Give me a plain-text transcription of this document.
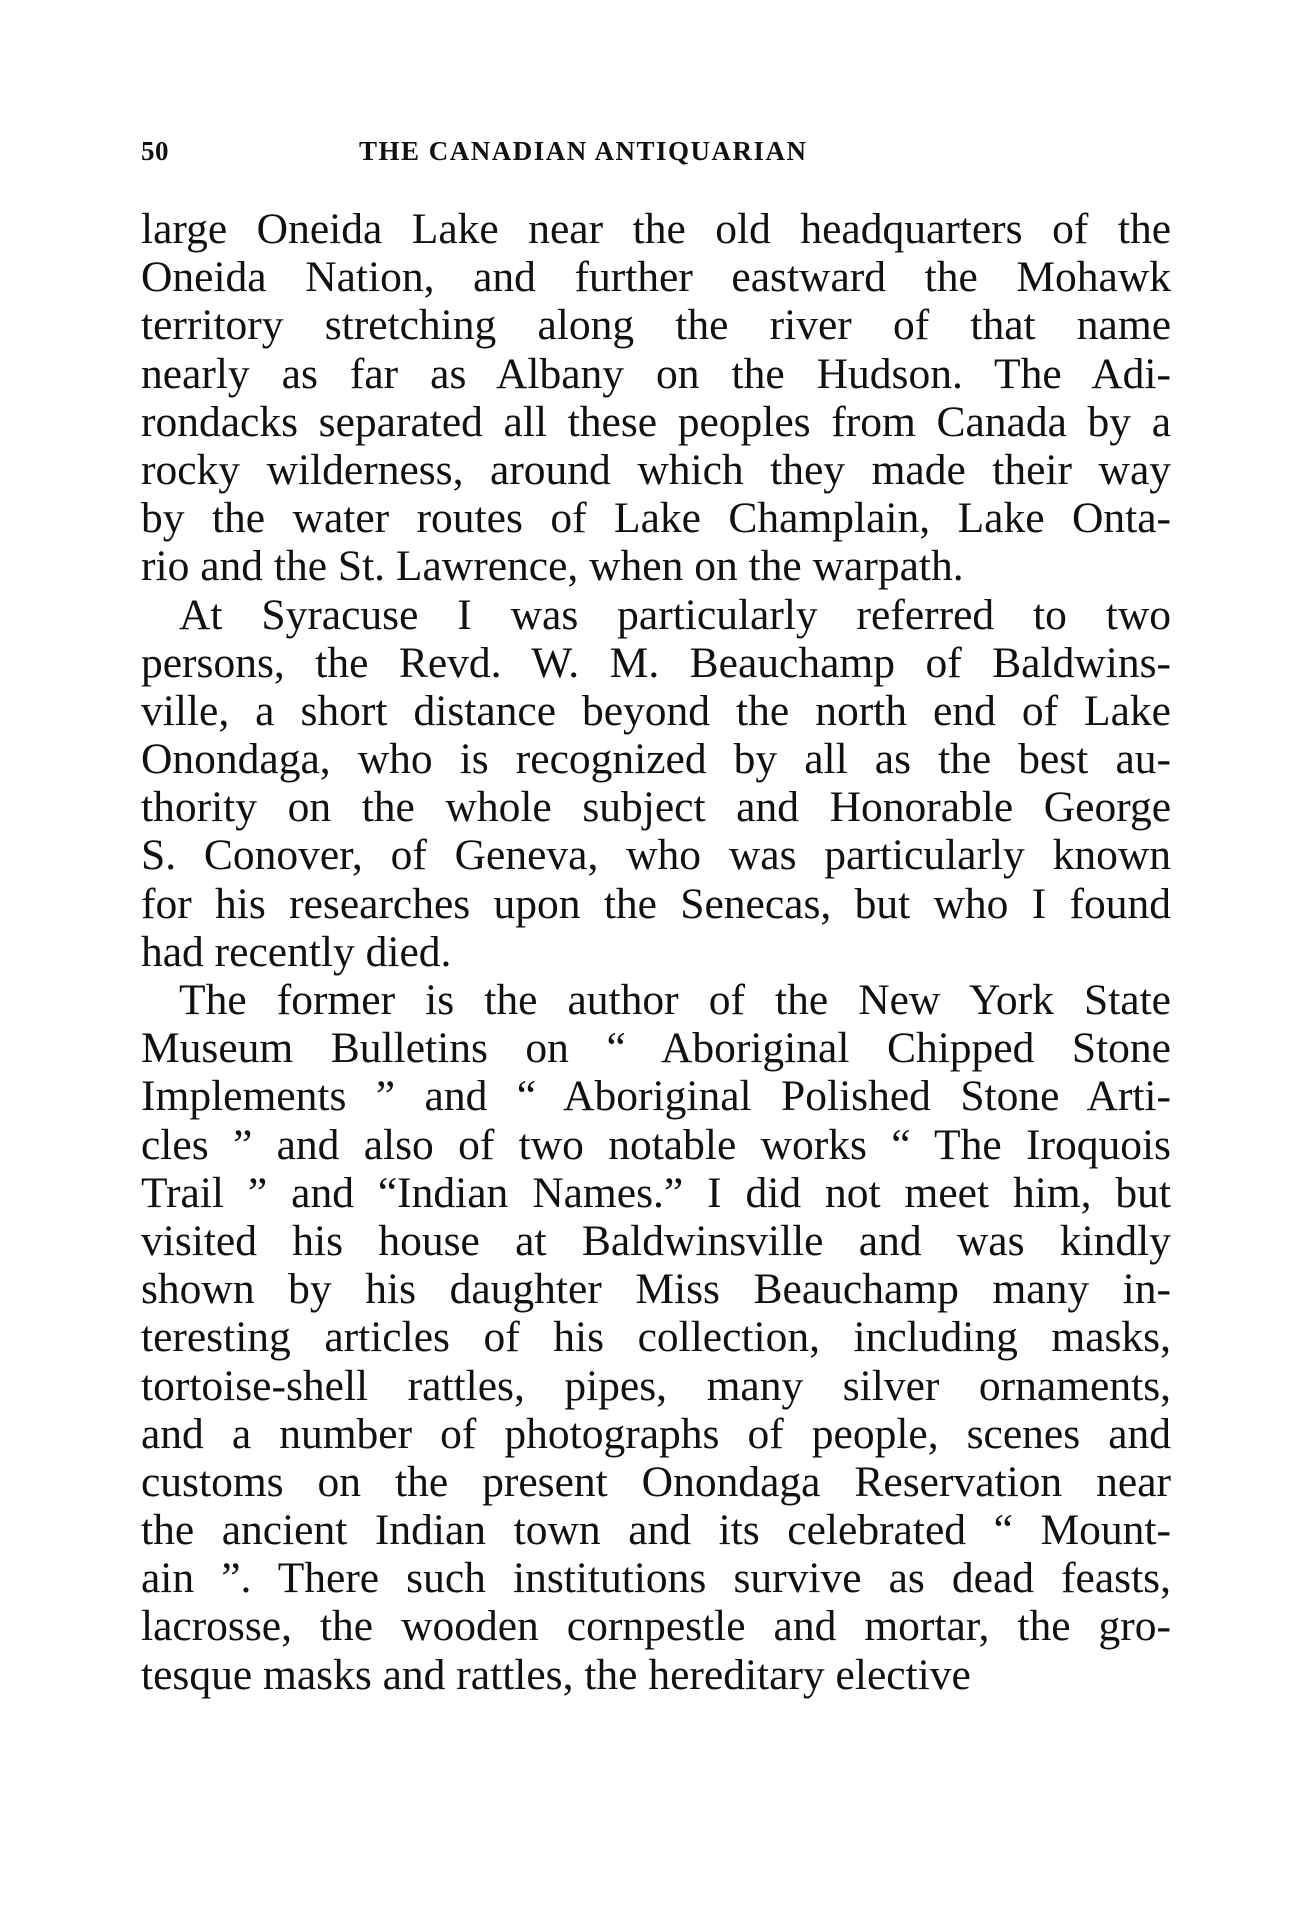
50	THE CANADIAN ANTIQUARIAN
large Oneida Lake near the old headquarters of the
Oneida Nation, and further eastward the Mohawk
territory stretching along the river of that name
nearly as far as Albany on the Hudson. The Adi-
rondacks separated all these peoples from Canada by a
rocky wilderness, around which they made their way
by the water routes of Lake Champlain, Lake Onta-
rio and the St. Lawrence, when on the warpath.
At Syracuse I was particularly referred to two
persons, the Revd. W. M. Beauchamp of Baldwins-
ville, a short distance beyond the north end of Lake
Onondaga, who is recognized by all as the best au-
thority on the whole subject and Honorable George
S. Conover, of Geneva, who was particularly known
for his researches upon the Senecas, but who I found
had recently died.
The former is the author of the New York State
Museum Bulletins on “ Aboriginal Chipped Stone
Implements ” and “ Aboriginal Polished Stone Arti-
cles ” and also of two notable works “ The Iroquois
Trail ” and “Indian Names.” I did not meet him, but
visited his house at Baldwinsville and was kindly
shown by his daughter Miss Beauchamp many in-
teresting articles of his collection, including masks,
tortoise-shell rattles, pipes, many silver ornaments,
and a number of photographs of people, scenes and
customs on the present Onondaga Reservation near
the ancient Indian town and its celebrated “ Mount-
ain ”. There such institutions survive as dead feasts,
lacrosse, the wooden cornpestle and mortar, the gro-
tesque masks and rattles, the hereditary elective
